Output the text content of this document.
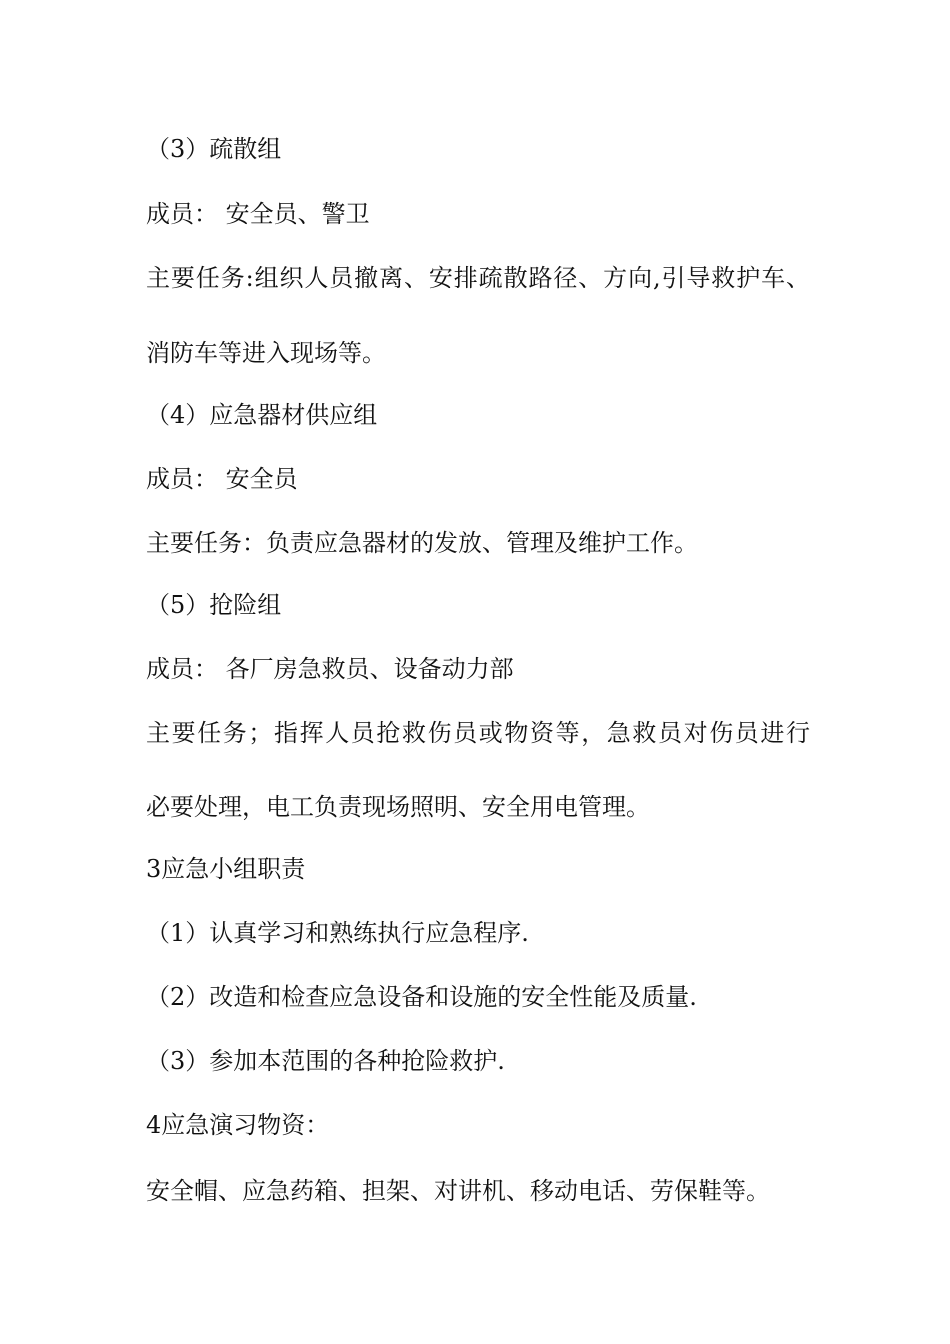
（3）疏散组
成员： 安全员、警卫
主要任务:组织人员撤离、安排疏散路径、方向,引导救护车、
消防车等进入现场等。
（4）应急器材供应组
成员： 安全员
主要任务：负责应急器材的发放、管理及维护工作。
（5）抢险组
成员： 各厂房急救员、设备动力部
主要任务；指挥人员抢救伤员或物资等，急救员对伤员进行
必要处理，电工负责现场照明、安全用电管理。
3应急小组职责
（1）认真学习和熟练执行应急程序.
（2）改造和检查应急设备和设施的安全性能及质量.
（3）参加本范围的各种抢险救护.
4应急演习物资：
安全帽、应急药箱、担架、对讲机、移动电话、劳保鞋等。
